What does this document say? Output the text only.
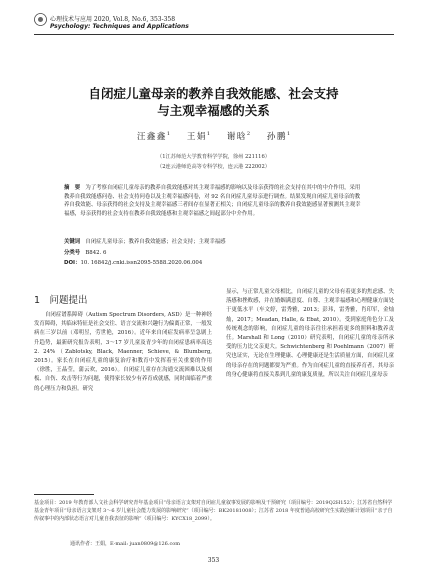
心理技术与应用 2020, Vol.8, No.6, 353-358
Psychology: Techniques and Applications
自闭症儿童母亲的教养自我效能感、社会支持
与主观幸福感的关系
汪鑫鑫$^1$ 王娟$^1$ 谢晗$^2$ 孙鹏$^1$
（1江苏师范大学教育科学学院，徐州 221116）
（2连云港师范高等专科学校，连云港 222002）
摘　要 为了考察自闭症儿童母亲的教养自我效能感对其主观幸福感的影响以及母亲获得的社会支持在其中的中介作用，采用教养自我效能感问卷、社会支持问卷以及主观幸福感问卷，对 92 名自闭症儿童母亲进行调查。结果发现自闭症儿童母亲的教养自我效能、母亲获得的社会支持及主观幸福感三者间存在显著正相关；自闭症儿童母亲的教养自我效能感显著预测其主观幸福感，母亲获得的社会支持在教养自我效能感和主观幸福感之间起部分中介作用。
关键词 自闭症儿童母亲；教养自我效能感；社会支持；主观幸福感
分类号 B842. 6
DOI：10. 16842/j.cnki.issn2095-5588.2020.06.004
1　问题提出
自闭症谱系障碍（Autism Spectrum Disorders, ASD）是一种神经发育障碍，其临床特征是社会交往、语言交流和兴趣行为偏离正常，一般发病在三岁以前（邓明昱，劳世艳，2016）。近年来自闭症发病率呈急剧上升趋势，最新研究报告表明，3～17 岁儿童及青少年的自闭症患病率高达 2. 24%（Zablotsky, Black, Maenner, Schieve, & Blumberg, 2015）。家长在自闭症儿童的康复治疗和教育中发挥着至关重要的作用（徐胜，王晶莹，蒲云欢，2016）。自闭症儿童存在沟通交流困难以及刻板、自伤、攻击等行为问题，使得家长较少有养育成就感，同时面临着严重的心理压力和负担。研究
显示，与正常儿童父母相比，自闭症儿童的父母有着更多的焦虑感、失落感和挫败感，并在婚姻满意度、自尊、主观幸福感和心理健康方面处于更低水平（车文婷，雷秀雅，2013；彭玮，雷秀雅，肖印军，金灿灿，2017；Meadan, Halle, & Ebat, 2010）。受到家庭角色分工及传统观念的影响，自闭症儿童的母亲往往承担着更多的照料和教养责任。Marshall 和 Long（2010）研究表明，自闭症儿童的母亲所承受的压力比父亲更大。Schwichtenberg 和 Poehlmann（2007）研究也证实，无论在生理健康、心理健康还是生活质量方面，自闭症儿童的母亲存在的问题都要为严重。作为自闭症儿童的直接养育者，其母亲的身心健康将直接关系到儿童的康复质量，所以关注自闭症儿童母亲
基金项目：2019 年教育部人文社会科学研究青年基金项目“母亲语言支架对自闭症儿童叙事发展的影响及干预研究（项目编号：2019Q2H152）；江苏省自然科学基金青年项目“母亲语言支架对 3～6 岁儿童社会能力发展的影响研究”（项目编号：BK20181008）；江苏省 2018 年度普通高校研究生实践创新计划项目“亲子自传叙事中的内部状态语言对儿童自我表征的影响”（项目编号：KYCX18_2099）。
通讯作者：王娟，E-mail: juan0809@126.com
353
